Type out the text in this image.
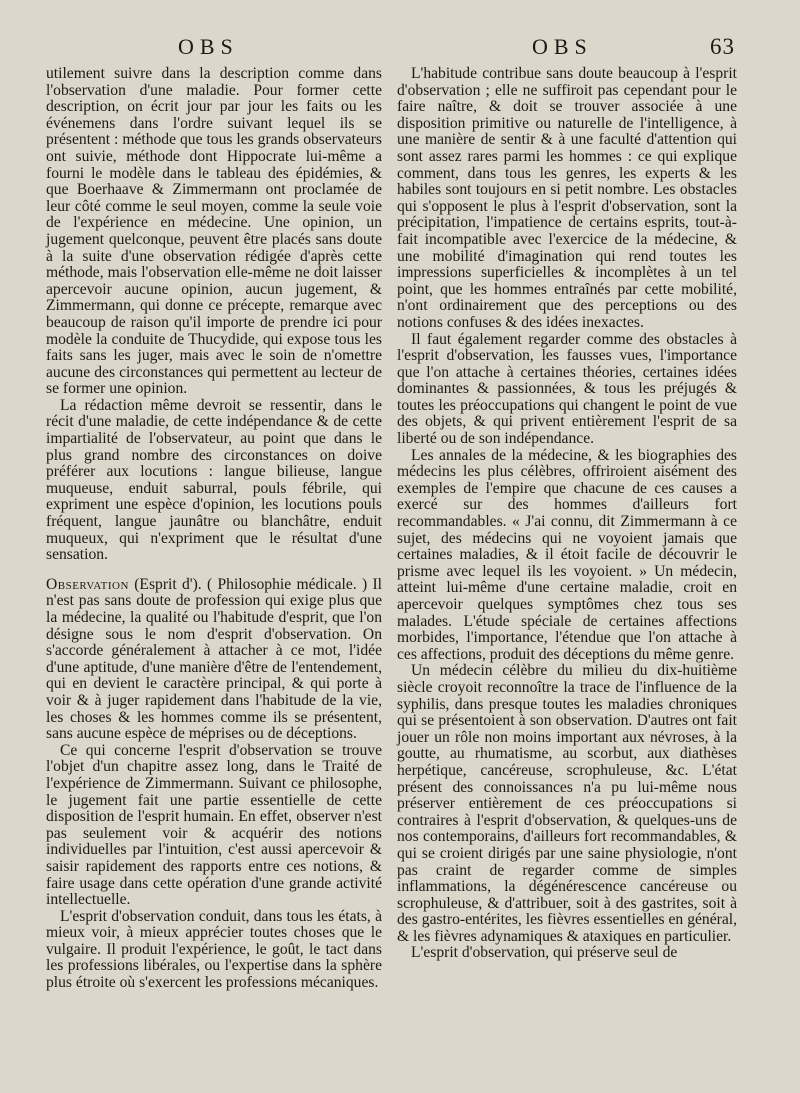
OBS	OBS	63

utilement suivre dans la description comme dans l'observation d'une maladie. Pour former cette description, on écrit jour par jour les faits ou les événemens dans l'ordre suivant lequel ils se présentent : méthode que tous les grands observateurs ont suivie, méthode dont Hippocrate lui-même a fourni le modèle dans le tableau des épidémies, & que Boerhaave & Zimmermann ont proclamée de leur côté comme le seul moyen, comme la seule voie de l'expérience en médecine. Une opinion, un jugement quelconque, peuvent être placés sans doute à la suite d'une observation rédigée d'après cette méthode, mais l'observation elle-même ne doit laisser apercevoir aucune opinion, aucun jugement, & Zimmermann, qui donne ce précepte, remarque avec beaucoup de raison qu'il importe de prendre ici pour modèle la conduite de Thucydide, qui expose tous les faits sans les juger, mais avec le soin de n'omettre aucune des circonstances qui permettent au lecteur de se former une opinion.

La rédaction même devroit se ressentir, dans le récit d'une maladie, de cette indépendance & de cette impartialité de l'observateur, au point que dans le plus grand nombre des circonstances on doive préférer aux locutions : langue bilieuse, langue muqueuse, enduit saburral, pouls fébrile, qui expriment une espèce d'opinion, les locutions pouls fréquent, langue jaunâtre ou blanchâtre, enduit muqueux, qui n'expriment que le résultat d'une sensation.

Observation (Esprit d'). ( Philosophie médicale. ) Il n'est pas sans doute de profession qui exige plus que la médecine, la qualité ou l'habitude d'esprit, que l'on désigne sous le nom d'esprit d'observation. On s'accorde généralement à attacher à ce mot, l'idée d'une aptitude, d'une manière d'être de l'entendement, qui en devient le caractère principal, & qui porte à voir & à juger rapidement dans l'habitude de la vie, les choses & les hommes comme ils se présentent, sans aucune espèce de méprises ou de déceptions.

Ce qui concerne l'esprit d'observation se trouve l'objet d'un chapitre assez long, dans le Traité de l'expérience de Zimmermann. Suivant ce philosophe, le jugement fait une partie essentielle de cette disposition de l'esprit humain. En effet, observer n'est pas seulement voir & acquérir des notions individuelles par l'intuition, c'est aussi apercevoir & saisir rapidement des rapports entre ces notions, & faire usage dans cette opération d'une grande activité intellectuelle.

L'esprit d'observation conduit, dans tous les états, à mieux voir, à mieux apprécier toutes choses que le vulgaire. Il produit l'expérience, le goût, le tact dans les professions libérales, ou l'expertise dans la sphère plus étroite où s'exercent les professions mécaniques.

L'habitude contribue sans doute beaucoup à l'esprit d'observation ; elle ne suffiroit pas cependant pour le faire naître, & doit se trouver associée à une disposition primitive ou naturelle de l'intelligence, à une manière de sentir & à une faculté d'attention qui sont assez rares parmi les hommes : ce qui explique comment, dans tous les genres, les experts & les habiles sont toujours en si petit nombre. Les obstacles qui s'opposent le plus à l'esprit d'observation, sont la précipitation, l'impatience de certains esprits, tout-à-fait incompatible avec l'exercice de la médecine, & une mobilité d'imagination qui rend toutes les impressions superficielles & incomplètes à un tel point, que les hommes entraînés par cette mobilité, n'ont ordinairement que des perceptions ou des notions confuses & des idées inexactes.

Il faut également regarder comme des obstacles à l'esprit d'observation, les fausses vues, l'importance que l'on attache à certaines théories, certaines idées dominantes & passionnées, & tous les préjugés & toutes les préoccupations qui changent le point de vue des objets, & qui privent entièrement l'esprit de sa liberté ou de son indépendance.

Les annales de la médecine, & les biographies des médecins les plus célèbres, offriroient aisément des exemples de l'empire que chacune de ces causes a exercé sur des hommes d'ailleurs fort recommandables. « J'ai connu, dit Zimmermann à ce sujet, des médecins qui ne voyoient jamais que certaines maladies, & il étoit facile de découvrir le prisme avec lequel ils les voyoient. » Un médecin, atteint lui-même d'une certaine maladie, croit en apercevoir quelques symptômes chez tous ses malades. L'étude spéciale de certaines affections morbides, l'importance, l'étendue que l'on attache à ces affections, produit des déceptions du même genre.

Un médecin célèbre du milieu du dix-huitième siècle croyoit reconnoître la trace de l'influence de la syphilis, dans presque toutes les maladies chroniques qui se présentoient à son observation. D'autres ont fait jouer un rôle non moins important aux névroses, à la goutte, au rhumatisme, au scorbut, aux diathèses herpétique, cancéreuse, scrophuleuse, &c. L'état présent des connoissances n'a pu lui-même nous préserver entièrement de ces préoccupations si contraires à l'esprit d'observation, & quelques-uns de nos contemporains, d'ailleurs fort recommandables, & qui se croient dirigés par une saine physiologie, n'ont pas craint de regarder comme de simples inflammations, la dégénérescence cancéreuse ou scrophuleuse, & d'attribuer, soit à des gastrites, soit à des gastro-entérites, les fièvres essentielles en général, & les fièvres adynamiques & ataxiques en particulier.

L'esprit d'observation, qui préserve seul de
